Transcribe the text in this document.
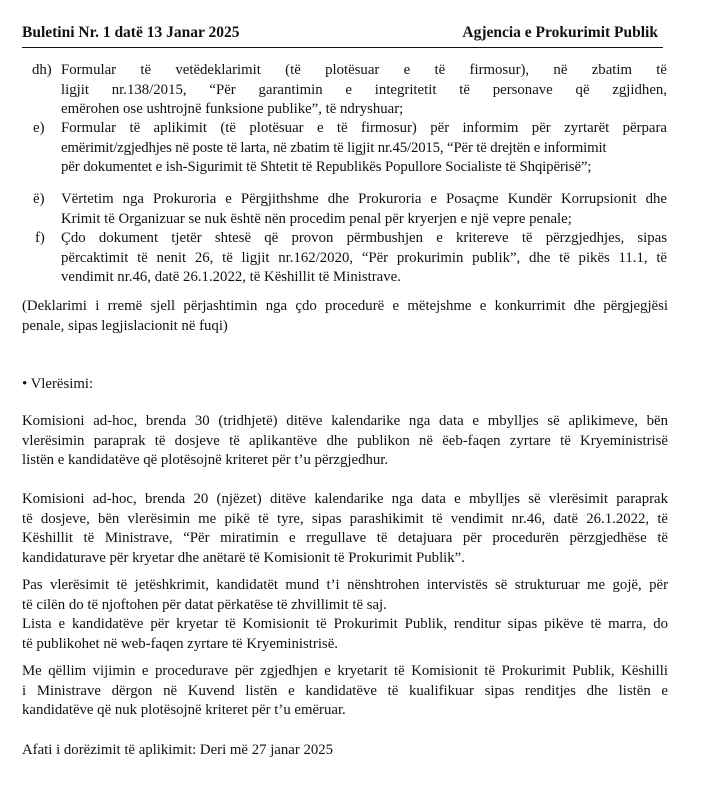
Buletini Nr. 1 datë 13 Janar 2025	Agjencia e Prokurimit Publik
dh) Formular të vetëdeklarimit (të plotësuar e të firmosur), në zbatim të
ligjit nr.138/2015, “Për garantimin e integritetit të personave që zgjidhen,
emërohen ose ushtrojnë funksione publike”, të ndryshuar;
e) Formular të aplikimit (të plotësuar e të firmosur) për informim për zyrtarët përpara
emërimit/zgjedhjes në poste të larta, në zbatim të ligjit nr.45/2015, “Për të drejtën e informimit
për dokumentet e ish-Sigurimit të Shtetit të Republikës Popullore Socialiste të Shqipërisë”;
ë) Vërtetim nga Prokuroria e Përgjithshme dhe Prokuroria e Posaçme Kundër Korrupsionit dhe
Krimit të Organizuar se nuk është nën procedim penal për kryerjen e një vepre penale;
f) Çdo dokument tjetër shtesë që provon përmbushjen e kritereve të përzgjedhjes, sipas
përcaktimit të nenit 26, të ligjit nr.162/2020, “Për prokurimin publik”, dhe të pikës 11.1, të
vendimit nr.46, datë 26.1.2022, të Këshillit të Ministrave.
(Deklarimi i rremë sjell përjashtimin nga çdo procedurë e mëtejshme e konkurrimit dhe përgjegjësi
penale, sipas legjislacionit në fuqi)
• Vlerësimi:
Komisioni ad-hoc, brenda 30 (tridhjetë) ditëve kalendarike nga data e mbylljes së aplikimeve, bën
vlerësimin paraprak të dosjeve të aplikantëve dhe publikon në ëeb-faqen zyrtare të Kryeministrisë
listën e kandidatëve që plotësojnë kriteret për t’u përzgjedhur.
Komisioni ad-hoc, brenda 20 (njëzet) ditëve kalendarike nga data e mbylljes së vlerësimit paraprak
të dosjeve, bën vlerësimin me pikë të tyre, sipas parashikimit të vendimit nr.46, datë 26.1.2022, të
Këshillit të Ministrave, “Për miratimin e rregullave të detajuara për procedurën përzgjedhëse të
kandidaturave për kryetar dhe anëtarë të Komisionit të Prokurimit Publik”.
Pas vlerësimit të jetëshkrimit, kandidatët mund t’i nënshtrohen intervistës së strukturuar me gojë, për
të cilën do të njoftohen për datat përkatëse të zhvillimit të saj.
Lista e kandidatëve për kryetar të Komisionit të Prokurimit Publik, renditur sipas pikëve të marra, do
të publikohet në web-faqen zyrtare të Kryeministrisë.
Me qëllim vijimin e procedurave për zgjedhjen e kryetarit të Komisionit të Prokurimit Publik, Këshilli
i Ministrave dërgon në Kuvend listën e kandidatëve të kualifikuar sipas renditjes dhe listën e
kandidatëve që nuk plotësojnë kriteret për t’u emëruar.
Afati i dorëzimit të aplikimit: Deri më 27 janar 2025
